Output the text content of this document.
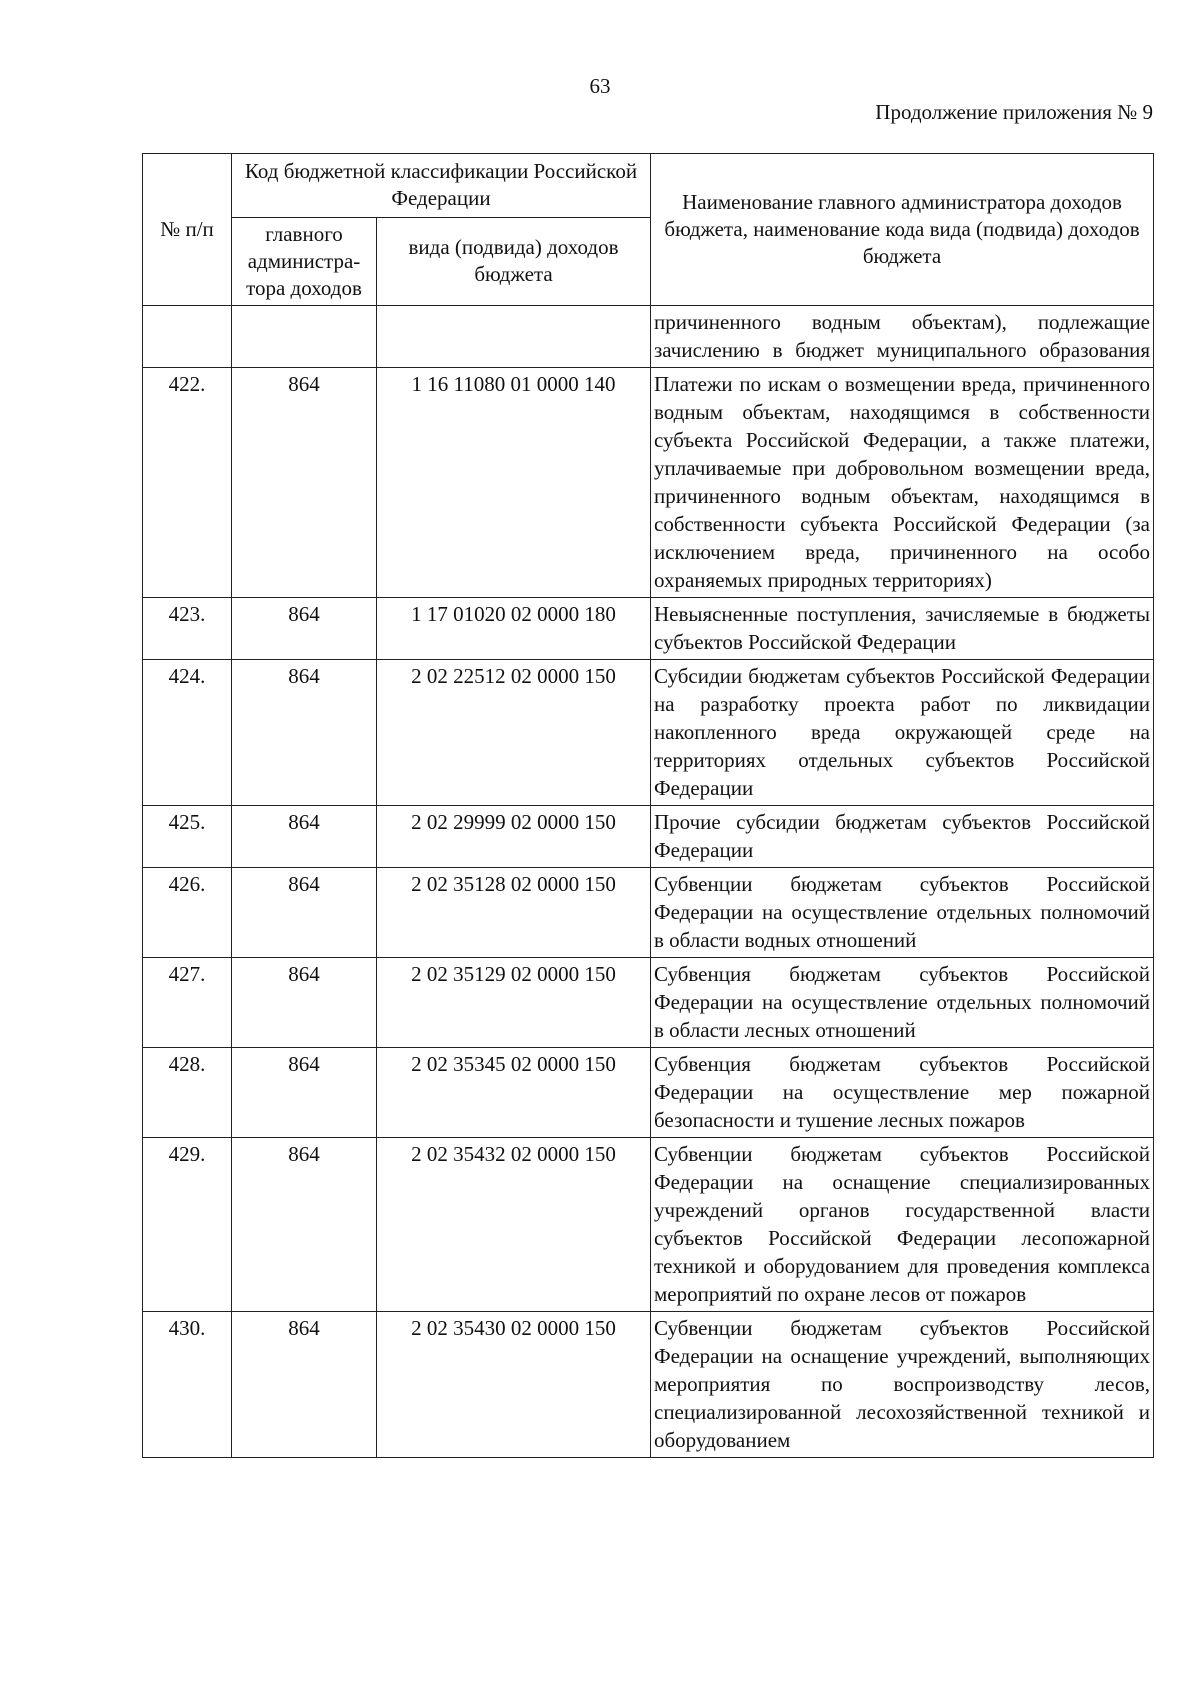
63
Продолжение приложения № 9
№ п/п	Код бюджетной классификации Российской Федерации		Наименование главного администратора доходов бюджета, наименование кода вида (подвида) доходов бюджета
	главного администра-тора доходов	вида (подвида) доходов бюджета	
			причиненного водным объектам), подлежащие зачислению в бюджет муниципального образования
422.	864	1 16 11080 01 0000 140	Платежи по искам о возмещении вреда, причиненного водным объектам, находящимся в собственности субъекта Российской Федерации, а также платежи, уплачиваемые при добровольном возмещении вреда, причиненного водным объектам, находящимся в собственности субъекта Российской Федерации (за исключением вреда, причиненного на особо охраняемых природных территориях)
423.	864	1 17 01020 02 0000 180	Невыясненные поступления, зачисляемые в бюджеты субъектов Российской Федерации
424.	864	2 02 22512 02 0000 150	Субсидии бюджетам субъектов Российской Федерации на разработку проекта работ по ликвидации накопленного вреда окружающей среде на территориях отдельных субъектов Российской Федерации
425.	864	2 02 29999 02 0000 150	Прочие субсидии бюджетам субъектов Российской Федерации
426.	864	2 02 35128 02 0000 150	Субвенции бюджетам субъектов Российской Федерации на осуществление отдельных полномочий в области водных отношений
427.	864	2 02 35129 02 0000 150	Субвенция бюджетам субъектов Российской Федерации на осуществление отдельных полномочий в области лесных отношений
428.	864	2 02 35345 02 0000 150	Субвенция бюджетам субъектов Российской Федерации на осуществление мер пожарной безопасности и тушение лесных пожаров
429.	864	2 02 35432 02 0000 150	Субвенции бюджетам субъектов Российской Федерации на оснащение специализированных учреждений органов государственной власти субъектов Российской Федерации лесопожарной техникой и оборудованием для проведения комплекса мероприятий по охране лесов от пожаров
430.	864	2 02 35430 02 0000 150	Субвенции бюджетам субъектов Российской Федерации на оснащение учреждений, выполняющих мероприятия по воспроизводству лесов, специализированной лесохозяйственной техникой и оборудованием
